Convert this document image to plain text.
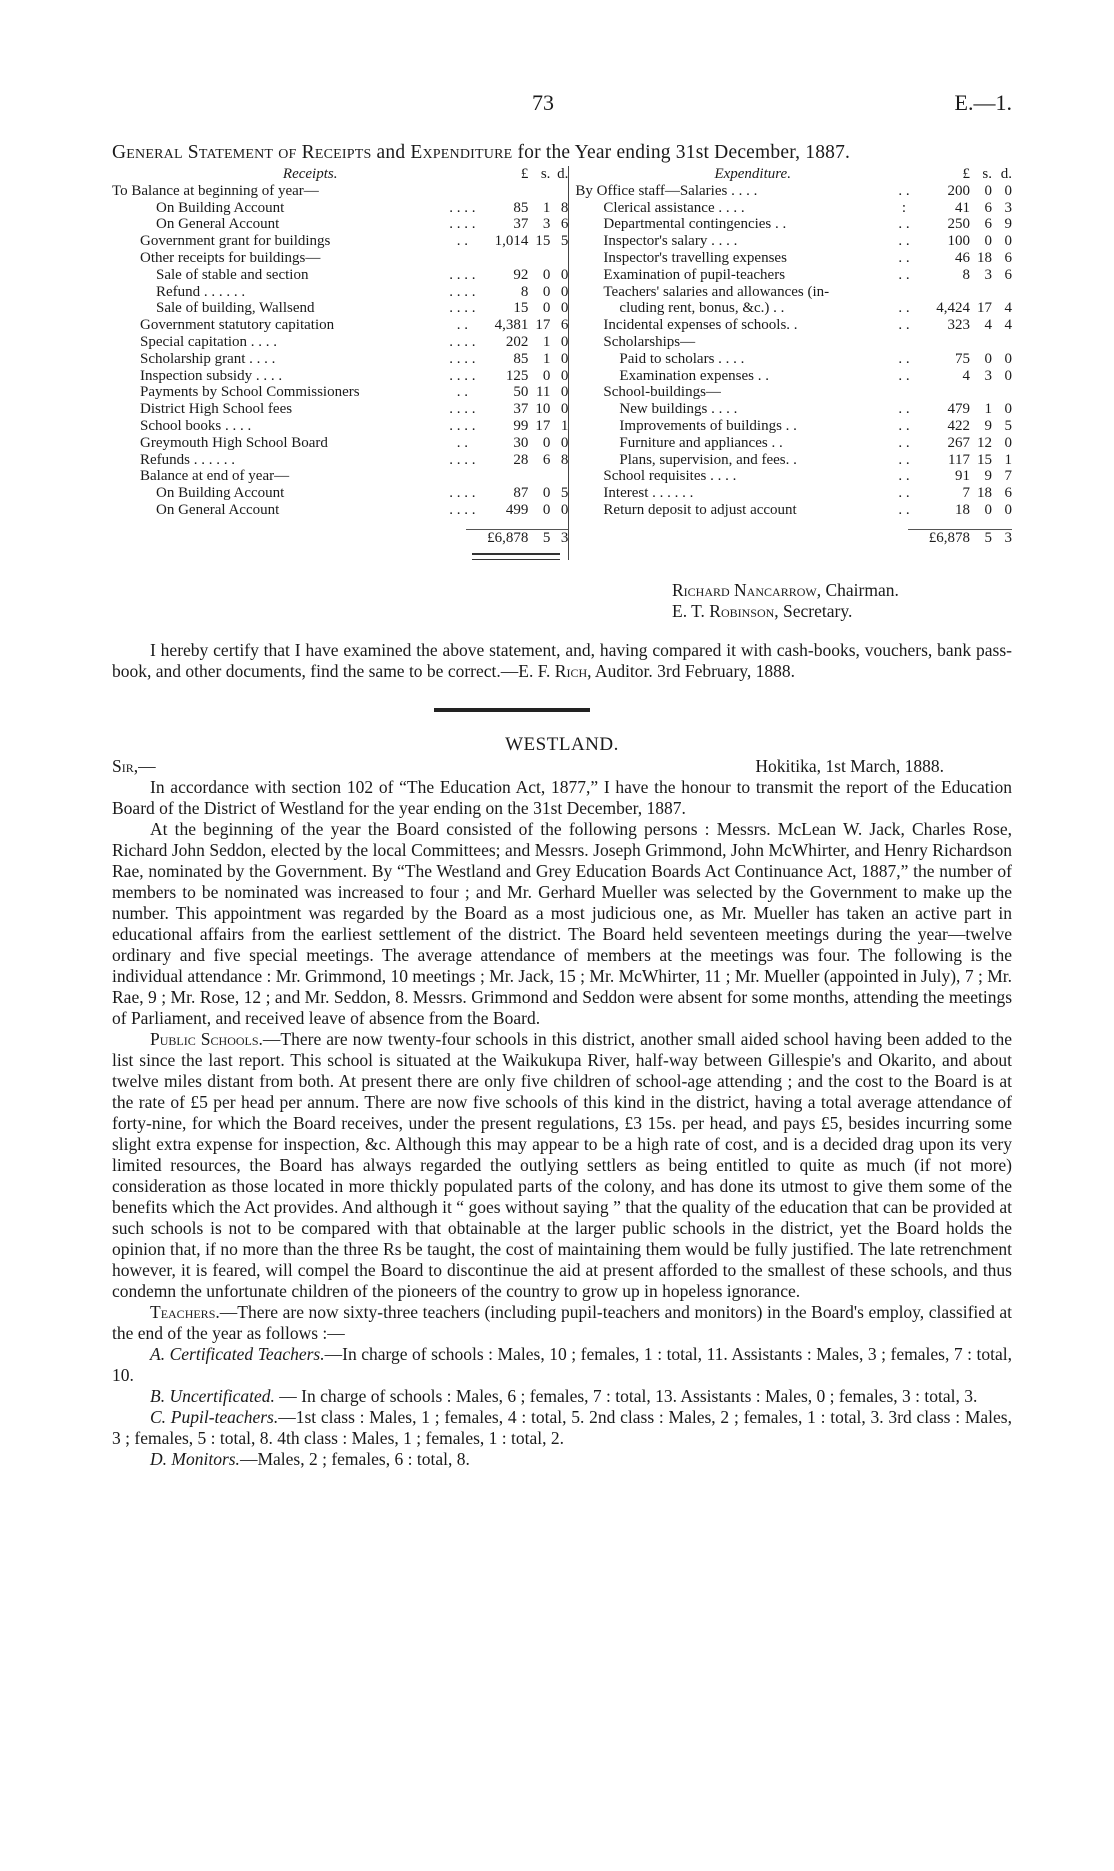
73	E.—1.
General Statement of Receipts and Expenditure for the Year ending 31st December, 1887.
Receipts.	£ s. d.
To Balance at beginning of year—
On Building Account	. . . .	85 1 8
On General Account	. . . .	37 3 6
Government grant for buildings	. .	1,014 15 5
Other receipts for buildings—
Sale of stable and section	. . . .	92 0 0
Refund . . . . . .	. . . .	8 0 0
Sale of building, Wallsend	. . . .	15 0 0
Government statutory capitation	. .	4,381 17 6
Special capitation . . . .	. . . .	202 1 0
Scholarship grant . . . .	. . . .	85 1 0
Inspection subsidy . . . .	. . . .	125 0 0
Payments by School Commissioners	. .	50 11 0
District High School fees	. . . .	37 10 0
School books . . . .	. . . .	99 17 1
Greymouth High School Board	. .	30 0 0
Refunds . . . . . .	. . . .	28 6 8
Balance at end of year—
On Building Account	. . . .	87 0 5
On General Account	. . . .	499 0 0
£6,878 5 3
Expenditure.	£ s. d.
By Office staff—Salaries . . . .	. .	200 0 0
Clerical assistance . . . .	:	41 6 3
Departmental contingencies . .	. .	250 6 9
Inspector's salary . . . .	. .	100 0 0
Inspector's travelling expenses	. .	46 18 6
Examination of pupil-teachers	. .	8 3 6
Teachers' salaries and allowances (in-
cluding rent, bonus, &c.) . .	. .	4,424 17 4
Incidental expenses of schools. .	. .	323 4 4
Scholarships—
Paid to scholars . . . .	. .	75 0 0
Examination expenses . .	. .	4 3 0
School-buildings—
New buildings . . . .	. .	479 1 0
Improvements of buildings . .	. .	422 9 5
Furniture and appliances . .	. .	267 12 0
Plans, supervision, and fees. .	. .	117 15 1
School requisites . . . .	. .	91 9 7
Interest . . . . . .	. .	7 18 6
Return deposit to adjust account	. .	18 0 0
£6,878 5 3
Richard Nancarrow, Chairman.
E. T. Robinson, Secretary.

I hereby certify that I have examined the above statement, and, having compared it with cash-books, vouchers, bank pass-book, and other documents, find the same to be correct.—E. F. Rich, Auditor. 3rd February, 1888.

WESTLAND.
Sir,—	Hokitika, 1st March, 1888.

In accordance with section 102 of “The Education Act, 1877,” I have the honour to transmit the report of the Education Board of the District of Westland for the year ending on the 31st December, 1887.

At the beginning of the year the Board consisted of the following persons : Messrs. McLean W. Jack, Charles Rose, Richard John Seddon, elected by the local Committees; and Messrs. Joseph Grimmond, John McWhirter, and Henry Richardson Rae, nominated by the Government. By “The Westland and Grey Education Boards Act Continuance Act, 1887,” the number of members to be nominated was increased to four ; and Mr. Gerhard Mueller was selected by the Government to make up the number. This appointment was regarded by the Board as a most judicious one, as Mr. Mueller has taken an active part in educational affairs from the earliest settlement of the district. The Board held seventeen meetings during the year—twelve ordinary and five special meetings. The average attendance of members at the meetings was four. The following is the individual attendance : Mr. Grimmond, 10 meetings ; Mr. Jack, 15 ; Mr. McWhirter, 11 ; Mr. Mueller (appointed in July), 7 ; Mr. Rae, 9 ; Mr. Rose, 12 ; and Mr. Seddon, 8. Messrs. Grimmond and Seddon were absent for some months, attending the meetings of Parliament, and received leave of absence from the Board.

Public Schools.—There are now twenty-four schools in this district, another small aided school having been added to the list since the last report. This school is situated at the Waikukupa River, half-way between Gillespie's and Okarito, and about twelve miles distant from both. At present there are only five children of school-age attending ; and the cost to the Board is at the rate of £5 per head per annum. There are now five schools of this kind in the district, having a total average attendance of forty-nine, for which the Board receives, under the present regulations, £3 15s. per head, and pays £5, besides incurring some slight extra expense for inspection, &c. Although this may appear to be a high rate of cost, and is a decided drag upon its very limited resources, the Board has always regarded the outlying settlers as being entitled to quite as much (if not more) consideration as those located in more thickly populated parts of the colony, and has done its utmost to give them some of the benefits which the Act provides. And although it “ goes without saying ” that the quality of the education that can be provided at such schools is not to be compared with that obtainable at the larger public schools in the district, yet the Board holds the opinion that, if no more than the three Rs be taught, the cost of maintaining them would be fully justified. The late retrenchment however, it is feared, will compel the Board to discontinue the aid at present afforded to the smallest of these schools, and thus condemn the unfortunate children of the pioneers of the country to grow up in hopeless ignorance.

Teachers.—There are now sixty-three teachers (including pupil-teachers and monitors) in the Board's employ, classified at the end of the year as follows :—

A. Certificated Teachers.—In charge of schools : Males, 10 ; females, 1 : total, 11. Assistants : Males, 3 ; females, 7 : total, 10.

B. Uncertificated. — In charge of schools : Males, 6 ; females, 7 : total, 13. Assistants : Males, 0 ; females, 3 : total, 3.

C. Pupil-teachers.—1st class : Males, 1 ; females, 4 : total, 5. 2nd class : Males, 2 ; females, 1 : total, 3. 3rd class : Males, 3 ; females, 5 : total, 8. 4th class : Males, 1 ; females, 1 : total, 2.

D. Monitors.—Males, 2 ; females, 6 : total, 8.
